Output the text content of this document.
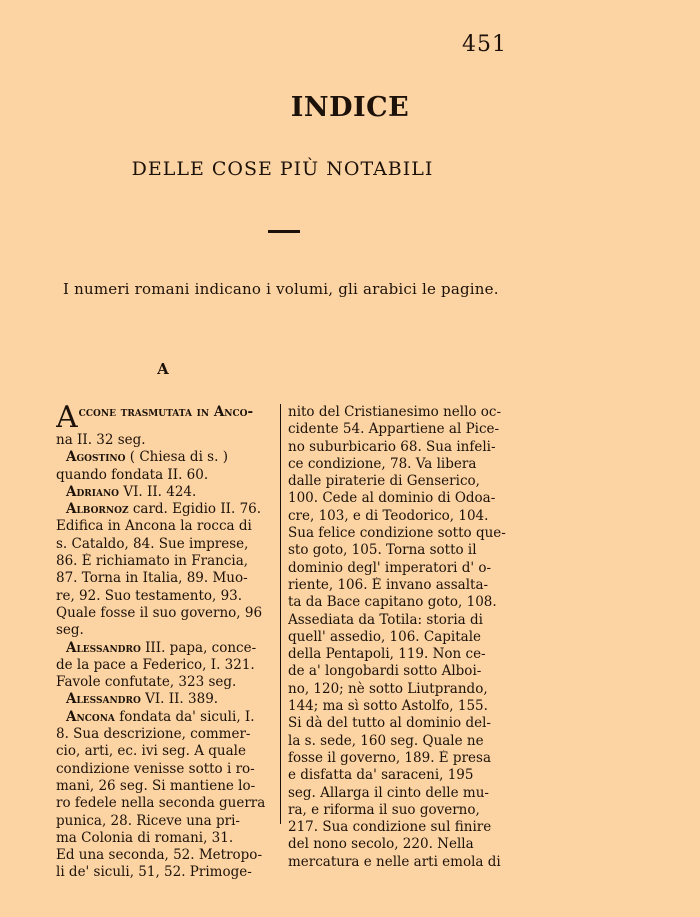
451
INDICE
DELLE COSE PIÙ NOTABILI
I numeri romani indicano i volumi, gli arabici le pagine.
A
Accone trasmutata in Anco-
na II. 32 seg.
Agostino ( Chiesa di s. )
quando fondata II. 60.
Adriano VI. II. 424.
Albornoz card. Egidio II. 76.
Edifica in Ancona la rocca di
s. Cataldo, 84. Sue imprese,
86. È richiamato in Francia,
87. Torna in Italia, 89. Muo-
re, 92. Suo testamento, 93.
Quale fosse il suo governo, 96
seg.
Alessandro III. papa, conce-
de la pace a Federico, I. 321.
Favole confutate, 323 seg.
Alessandro VI. II. 389.
Ancona fondata da' siculi, I.
8. Sua descrizione, commer-
cio, arti, ec. ivi seg. A quale
condizione venisse sotto i ro-
mani, 26 seg. Si mantiene lo-
ro fedele nella seconda guerra
punica, 28. Riceve una pri-
ma Colonia di romani, 31.
Ed una seconda, 52. Metropo-
li de' siculi, 51, 52. Primoge-
nito del Cristianesimo nello oc-
cidente 54. Appartiene al Pice-
no suburbicario 68. Sua infeli-
ce condizione, 78. Va libera
dalle piraterie di Genserico,
100. Cede al dominio di Odoa-
cre, 103, e di Teodorico, 104.
Sua felice condizione sotto que-
sto goto, 105. Torna sotto il
dominio degl' imperatori d' o-
riente, 106. È invano assalta-
ta da Bace capitano goto, 108.
Assediata da Totila: storia di
quell' assedio, 106. Capitale
della Pentapoli, 119. Non ce-
de a' longobardi sotto Alboi-
no, 120; nè sotto Liutprando,
144; ma sì sotto Astolfo, 155.
Si dà del tutto al dominio del-
la s. sede, 160 seg. Quale ne
fosse il governo, 189. È presa
e disfatta da' saraceni, 195
seg. Allarga il cinto delle mu-
ra, e riforma il suo governo,
217. Sua condizione sul finire
del nono secolo, 220. Nella
mercatura e nelle arti emola di
